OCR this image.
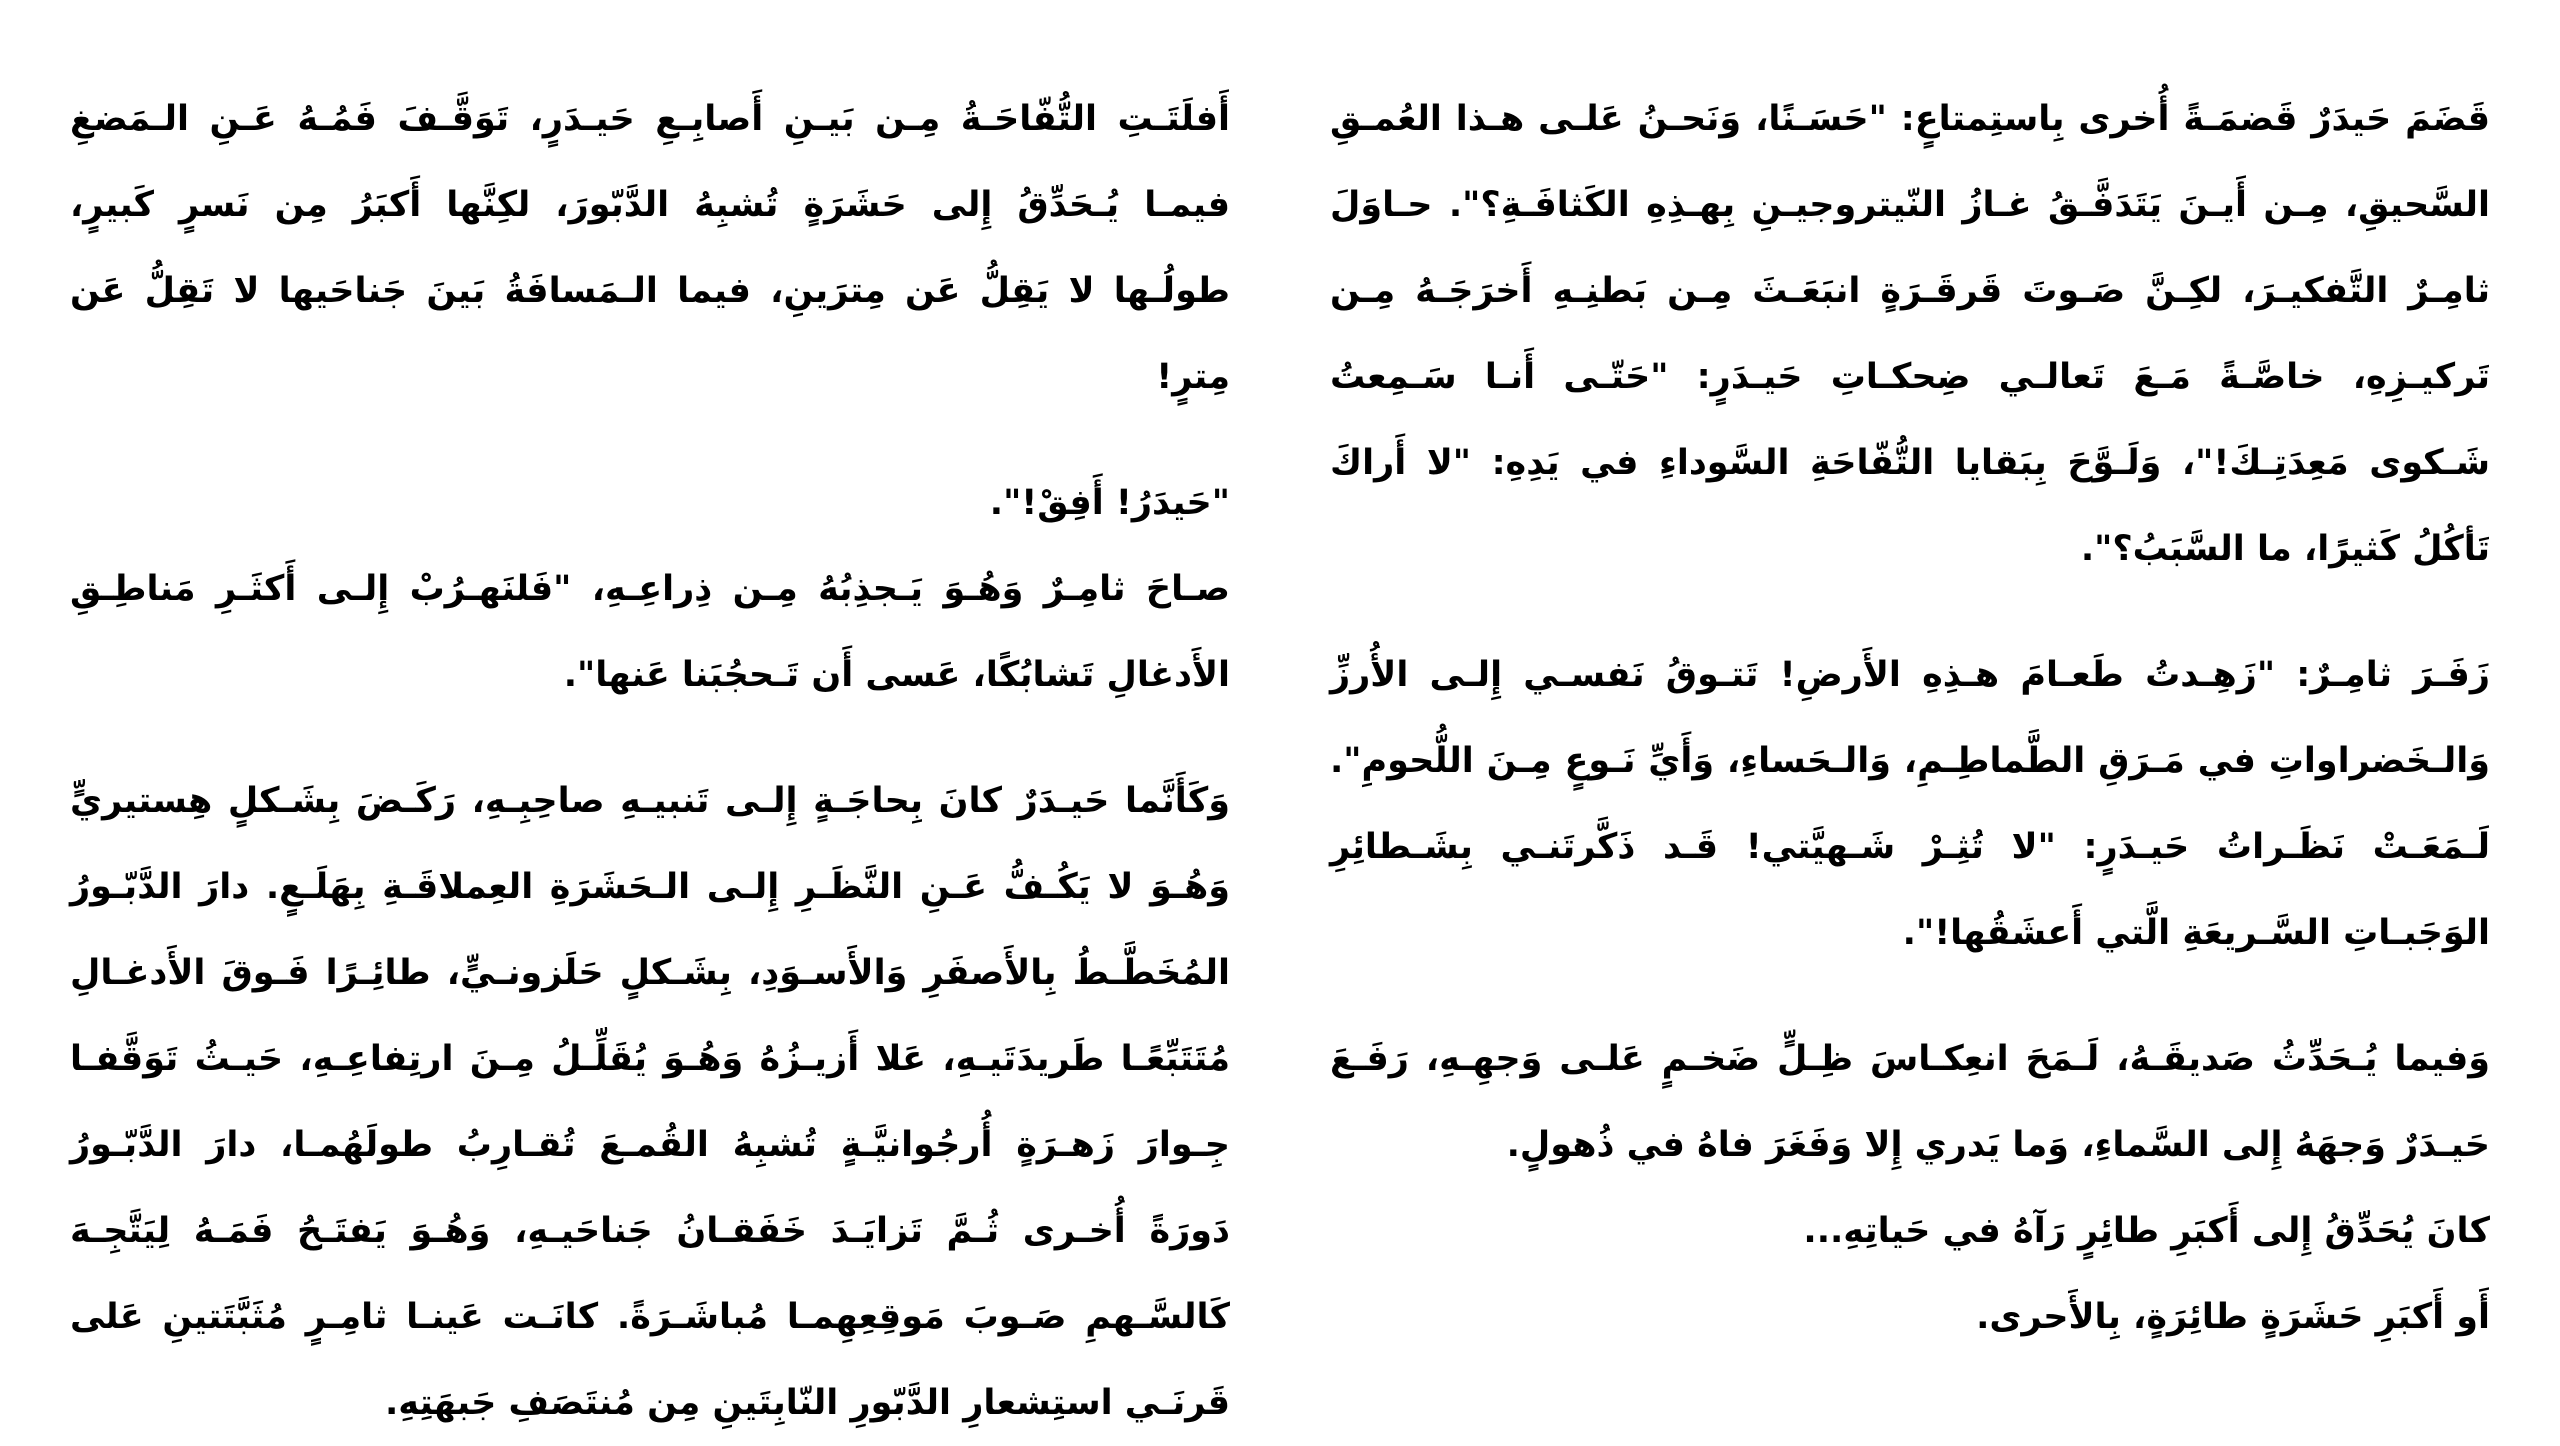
قَضَمَ حَيدَرٌ قَضمَـةً أُخرى بِاستِمتاعٍ: "حَسَـنًا، وَنَحـنُ عَلـى هـذا العُمـقِ السَّحيقِ، مِـن أَيـنَ يَتَدَفَّـقُ غـازُ النّيتروجيـنِ بِهـذِهِ الكَثافَـةِ؟". حـاوَلَ ثامِـرٌ التَّفكيـرَ، لكِـنَّ صَـوتَ قَرقَـرَةٍ انبَعَـثَ مِـن بَطنِـهِ أَخرَجَـهُ مِـن تَركيـزِهِ، خاصَّـةً مَـعَ تَعالـي ضِحكـاتِ حَيـدَرٍ: "حَتّـى أَنـا سَـمِعتُ شَـكوى مَعِدَتِـكَ!"، وَلَـوَّحَ بِبَقايا التُّفّاحَةِ السَّوداءِ في يَدِهِ: "لا أَراكَ تَأكُلُ كَثيرًا، ما السَّبَبُ؟".

زَفَـرَ ثامِـرٌ: "زَهِـدتُ طَعـامَ هـذِهِ الأَرضِ! تَتـوقُ نَفسـي إِلـى الأُرزِّ وَالـخَضراواتِ في مَـرَقِ الطَّماطِـمِ، وَالـحَساءِ، وَأَيِّ نَـوعٍ مِـنَ اللُّحومِ". لَـمَعَـتْ نَظَـراتُ حَيـدَرٍ: "لا تُثِـرْ شَـهيَّتي! قَـد ذَكَّرتَنـي بِشَـطائِرِ الوَجَبـاتِ السَّـريعَةِ الَّتي أَعشَقُها!".

وَفيما يُـحَدِّثُ صَديقَـهُ، لَـمَحَ انعِكـاسَ ظِـلٍّ ضَخـمٍ عَلـى وَجهِـهِ، رَفَـعَ حَيـدَرٌ وَجهَهُ إِلى السَّماءِ، وَما يَدري إِلا وَفَغَرَ فاهُ في ذُهولٍ.

كانَ يُحَدِّقُ إِلى أَكبَرِ طائِرٍ رَآهُ في حَياتِهِ...

أَو أَكبَرِ حَشَرَةٍ طائِرَةٍ، بِالأَحرى.

أَفلَتَـتِ التُّفّاحَـةُ مِـن بَيـنِ أَصابِـعِ حَيـدَرٍ، تَوَقَّـفَ فَمُـهُ عَـنِ الـمَضغِ فيمـا يُـحَدِّقُ إِلى حَشَرَةٍ تُشبِهُ الدَّبّورَ، لكِنَّها أَكبَرُ مِن نَسرٍ كَبيرٍ، طولُـها لا يَقِلُّ عَن مِترَينِ، فيما الـمَسافَةُ بَينَ جَناحَيها لا تَقِلُّ عَن مِترٍ!

"حَيدَرُ! أَفِقْ!".

صـاحَ ثامِـرٌ وَهُـوَ يَـجذِبُهُ مِـن ذِراعِـهِ، "فَلنَهـرُبْ إِلـى أَكثَـرِ مَناطِـقِ الأَدغالِ تَشابُكًا، عَسى أَن تَـحجُبَنا عَنها".

وَكَأَنَّما حَيـدَرٌ كانَ بِحاجَـةٍ إِلـى تَنبيـهِ صاحِبِـهِ، رَكَـضَ بِشَـكلٍ هِستيريٍّ وَهُـوَ لا يَكُـفُّ عَـنِ النَّظَـرِ إِلـى الـحَشَرَةِ العِملاقَـةِ بِهَلَـعٍ. دارَ الدَّبّـورُ المُخَطَّـطُ بِالأَصفَرِ وَالأَسـوَدِ، بِشَـكلٍ حَلَزونـيٍّ، طائِـرًا فَـوقَ الأَدغـالِ مُتَتَبِّعًـا طَريدَتَيـهِ، عَلا أَزيـزُهُ وَهُـوَ يُقَلِّـلُ مِـنَ ارتِفاعِـهِ، حَيـثُ تَوَقَّفـا جِـوارَ زَهـرَةٍ أُرجُوانيَّـةٍ تُشبِهُ القُمـعَ تُقـارِبُ طولَهُمـا، دارَ الدَّبّـورُ دَورَةً أُخـرى ثُـمَّ تَزايَـدَ خَفَقـانُ جَناحَيـهِ، وَهُـوَ يَفتَـحُ فَمَـهُ لِيَتَّجِـهَ كَالسَّـهمِ صَـوبَ مَوقِعِهِمـا مُباشَـرَةً. كانَـت عَينـا ثامِـرٍ مُثَبَّتَتينِ عَلى قَرنَـي استِشعارِ الدَّبّورِ النّابِتَينِ مِن مُنتَصَفِ جَبهَتِهِ.
